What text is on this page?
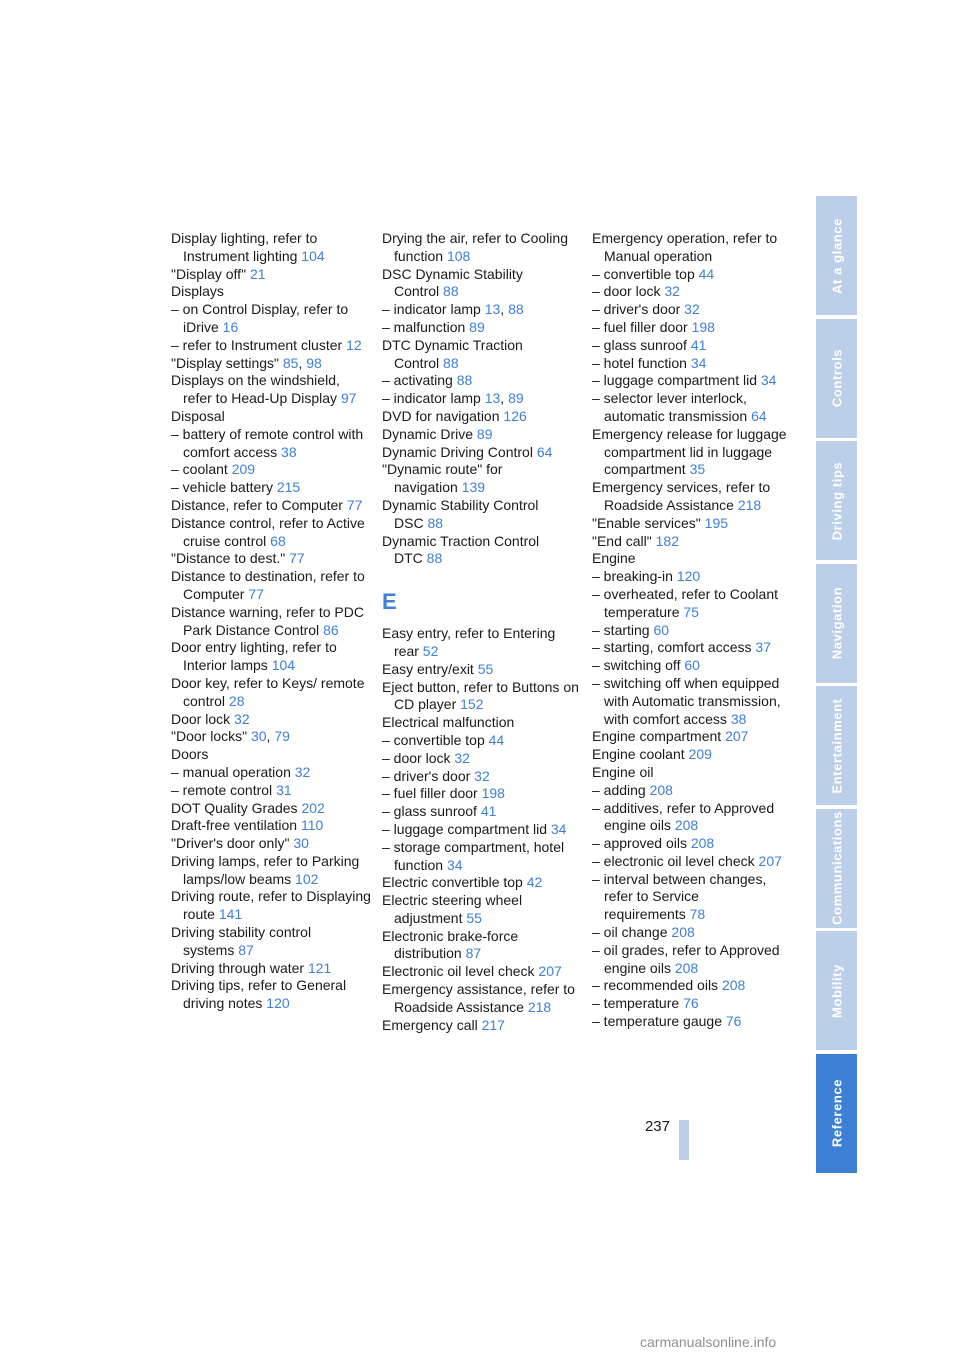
Display lighting, refer to Instrument lighting 104

"Display off" 21

Displays

– on Control Display, refer to iDrive 16

– refer to Instrument cluster 12

"Display settings" 85, 98

Displays on the windshield, refer to Head-Up Display 97

Disposal

– battery of remote control with comfort access 38

– coolant 209

– vehicle battery 215

Distance, refer to Computer 77

Distance control, refer to Active cruise control 68

"Distance to dest." 77

Distance to destination, refer to Computer 77

Distance warning, refer to PDC Park Distance Control 86

Door entry lighting, refer to Interior lamps 104

Door key, refer to Keys/ remote control 28

Door lock 32

"Door locks" 30, 79

Doors

– manual operation 32

– remote control 31

DOT Quality Grades 202

Draft-free ventilation 110

"Driver's door only" 30

Driving lamps, refer to Parking lamps/low beams 102

Driving route, refer to Displaying route 141

Driving stability control systems 87

Driving through water 121

Driving tips, refer to General driving notes 120

Drying the air, refer to Cooling function 108

DSC Dynamic Stability Control 88

– indicator lamp 13, 88

– malfunction 89

DTC Dynamic Traction Control 88

– activating 88

– indicator lamp 13, 89

DVD for navigation 126

Dynamic Drive 89

Dynamic Driving Control 64

"Dynamic route" for navigation 139

Dynamic Stability Control DSC 88

Dynamic Traction Control DTC 88

E

Easy entry, refer to Entering rear 52

Easy entry/exit 55

Eject button, refer to Buttons on CD player 152

Electrical malfunction

– convertible top 44

– door lock 32

– driver's door 32

– fuel filler door 198

– glass sunroof 41

– luggage compartment lid 34

– storage compartment, hotel function 34

Electric convertible top 42

Electric steering wheel adjustment 55

Electronic brake-force distribution 87

Electronic oil level check 207

Emergency assistance, refer to Roadside Assistance 218

Emergency call 217

Emergency operation, refer to Manual operation

– convertible top 44

– door lock 32

– driver's door 32

– fuel filler door 198

– glass sunroof 41

– hotel function 34

– luggage compartment lid 34

– selector lever interlock, automatic transmission 64

Emergency release for luggage compartment lid in luggage compartment 35

Emergency services, refer to Roadside Assistance 218

"Enable services" 195

"End call" 182

Engine

– breaking-in 120

– overheated, refer to Coolant temperature 75

– starting 60

– starting, comfort access 37

– switching off 60

– switching off when equipped with Automatic transmission, with comfort access 38

Engine compartment 207

Engine coolant 209

Engine oil

– adding 208

– additives, refer to Approved engine oils 208

– approved oils 208

– electronic oil level check 207

– interval between changes, refer to Service requirements 78

– oil change 208

– oil grades, refer to Approved engine oils 208

– recommended oils 208

– temperature 76

– temperature gauge 76

At a glance
Controls
Driving tips
Navigation
Entertainment
Communications
Mobility
Reference
237
carmanualsonline.info
